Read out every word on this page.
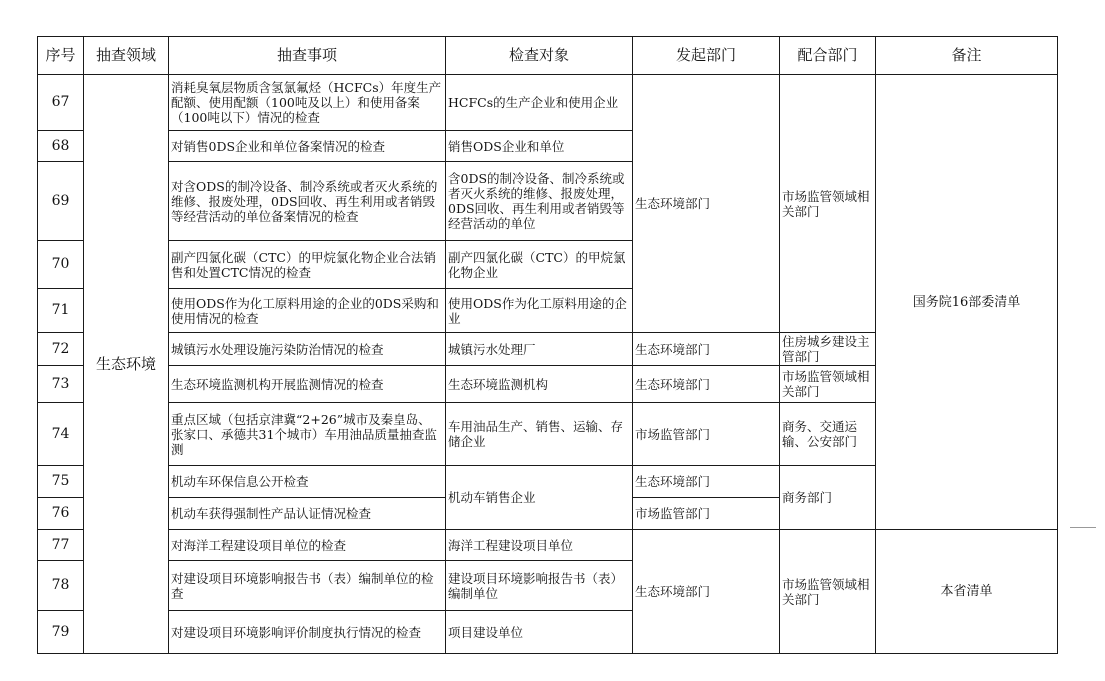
序号	抽查领域	抽查事项	检查对象	发起部门	配合部门	备注
67	生态环境	消耗臭氧层物质含氢氯氟烃（HCFCs）年度生产配额、使用配额（100吨及以上）和使用备案（100吨以下）情况的检查	HCFCs的生产企业和使用企业	生态环境部门	市场监管领域相关部门	国务院16部委清单
68		对销售0DS企业和单位备案情况的检查	销售ODS企业和单位			
69		对含ODS的制冷设备、制冷系统或者灭火系统的维修、报废处理，0DS回收、再生利用或者销毁等经营活动的单位备案情况的检查	含0DS的制冷设备、制冷系统或者灭火系统的维修、报废处理，0DS回收、再生利用或者销毁等经营活动的单位			
70		副产四氯化碳（CTC）的甲烷氯化物企业合法销售和处置CTC情况的检查	副产四氯化碳（CTC）的甲烷氯化物企业			
71		使用ODS作为化工原料用途的企业的0DS采购和使用情况的检查	使用ODS作为化工原料用途的企业			
72		城镇污水处理设施污染防治情况的检查	城镇污水处理厂	生态环境部门	住房城乡建设主管部门	
73		生态环境监测机构开展监测情况的检查	生态环境监测机构	生态环境部门	市场监管领域相关部门	
74		重点区域（包括京津冀“2+26”城市及秦皇岛、张家口、承德共31个城市）车用油品质量抽查监测	车用油品生产、销售、运输、存储企业	市场监管部门	商务、交通运输、公安部门	
75		机动车环保信息公开检查	机动车销售企业	生态环境部门	商务部门	
76		机动车获得强制性产品认证情况检查		市场监管部门		
77		对海洋工程建设项目单位的检查	海洋工程建设项目单位	生态环境部门	市场监管领域相关部门	本省清单
78		对建设项目环境影响报告书（表）编制单位的检查	建设项目环境影响报告书（表）编制单位			
79		对建设项目环境影响评价制度执行情况的检查	项目建设单位			
